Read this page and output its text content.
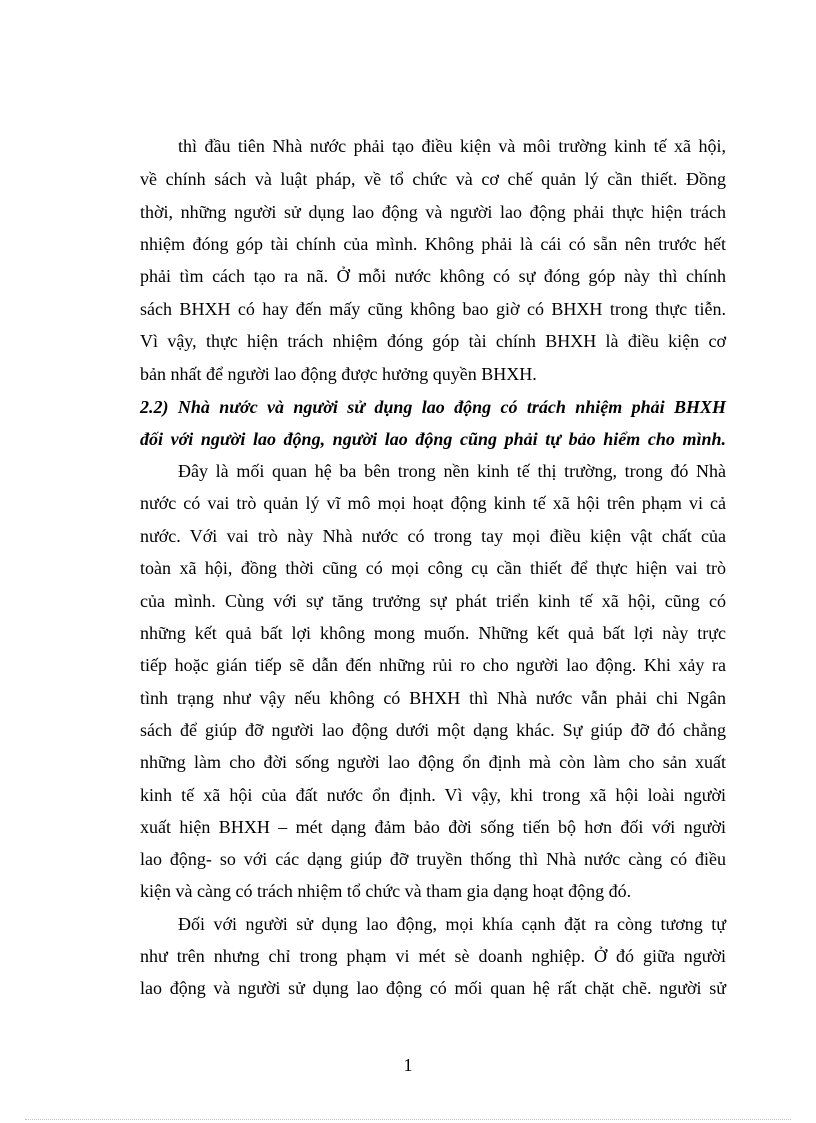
thì đầu tiên Nhà nước phải tạo điều kiện và môi trường kinh tế xã hội,
về chính sách và luật pháp, về tổ chức và cơ chế quản lý cần thiết. Đồng
thời, những người sử dụng lao động và người lao động phải thực hiện trách
nhiệm đóng góp tài chính của mình. Không phải là cái có sẵn nên trước hết
phải tìm cách tạo ra nã. Ở mỗi nước không có sự đóng góp này thì chính
sách BHXH có hay đến mấy cũng không bao giờ có BHXH trong thực tiễn.
Vì vậy, thực hiện trách nhiệm đóng góp tài chính BHXH là điều kiện cơ
bản nhất để người lao động được hưởng quyền BHXH.
2.2) Nhà nước và người sử dụng lao động có trách nhiệm phải BHXH
đối với người lao động, người lao động cũng phải tự bảo hiểm cho mình.
Đây là mối quan hệ ba bên trong nền kinh tế thị trường, trong đó Nhà
nước có vai trò quản lý vĩ mô mọi hoạt động kinh tế xã hội trên phạm vi cả
nước. Với vai trò này Nhà nước có trong tay mọi điều kiện vật chất của
toàn xã hội, đồng thời cũng có mọi công cụ cần thiết để thực hiện vai trò
của mình. Cùng với sự tăng trưởng sự phát triển kinh tế xã hội, cũng có
những kết quả bất lợi không mong muốn. Những kết quả bất lợi này trực
tiếp hoặc gián tiếp sẽ dẫn đến những rủi ro cho người lao động. Khi xảy ra
tình trạng như vậy nếu không có BHXH thì Nhà nước vẫn phải chi Ngân
sách để giúp đỡ người lao động dưới một dạng khác. Sự giúp đỡ đó chẳng
những làm cho đời sống người lao động ổn định mà còn làm cho sản xuất
kinh tế xã hội của đất nước ổn định. Vì vậy, khi trong xã hội loài người
xuất hiện BHXH – mét dạng đảm bảo đời sống tiến bộ hơn đối với người
lao động- so với các dạng giúp đỡ truyền thống thì Nhà nước càng có điều
kiện và càng có trách nhiệm tổ chức và tham gia dạng hoạt động đó.
Đối với người sử dụng lao động, mọi khía cạnh đặt ra còng tương tự
như trên nhưng chỉ trong phạm vi mét sè doanh nghiệp. Ở đó giữa người
lao động và người sử dụng lao động có mối quan hệ rất chặt chẽ. người sử
1
